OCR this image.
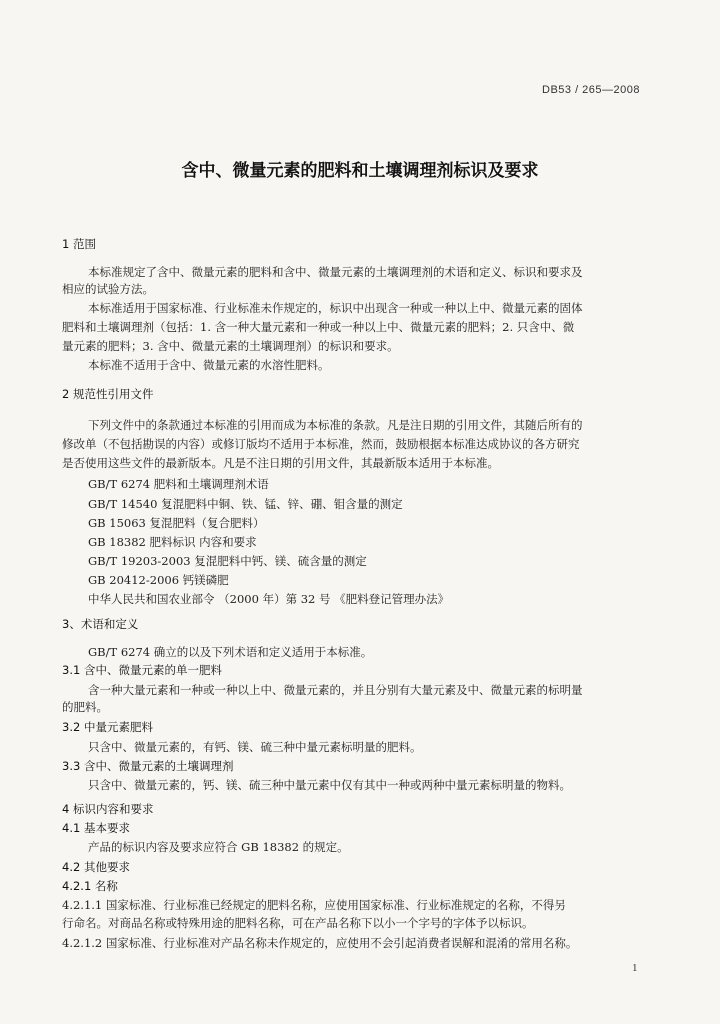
DB53 / 265—2008
含中、微量元素的肥料和土壤调理剂标识及要求
1 范围
本标准规定了含中、微量元素的肥料和含中、微量元素的土壤调理剂的术语和定义、标识和要求及
相应的试验方法。
本标准适用于国家标准、行业标准未作规定的，标识中出现含一种或一种以上中、微量元素的固体
肥料和土壤调理剂（包括：1. 含一种大量元素和一种或一种以上中、微量元素的肥料；2. 只含中、微
量元素的肥料；3. 含中、微量元素的土壤调理剂）的标识和要求。
本标准不适用于含中、微量元素的水溶性肥料。
2 规范性引用文件
下列文件中的条款通过本标准的引用而成为本标准的条款。凡是注日期的引用文件，其随后所有的
修改单（不包括勘误的内容）或修订版均不适用于本标准，然而，鼓励根据本标准达成协议的各方研究
是否使用这些文件的最新版本。凡是不注日期的引用文件，其最新版本适用于本标准。
GB/T 6274 肥料和土壤调理剂术语
GB/T 14540 复混肥料中铜、铁、锰、锌、硼、钼含量的测定
GB 15063 复混肥料（复合肥料）
GB 18382 肥料标识 内容和要求
GB/T 19203-2003 复混肥料中钙、镁、硫含量的测定
GB 20412-2006 钙镁磷肥
中华人民共和国农业部令 （2000 年）第 32 号 《肥料登记管理办法》
3、术语和定义
GB/T 6274 确立的以及下列术语和定义适用于本标准。
3.1 含中、微量元素的单一肥料
含一种大量元素和一种或一种以上中、微量元素的，并且分别有大量元素及中、微量元素的标明量
的肥料。
3.2 中量元素肥料
只含中、微量元素的，有钙、镁、硫三种中量元素标明量的肥料。
3.3 含中、微量元素的土壤调理剂
只含中、微量元素的，钙、镁、硫三种中量元素中仅有其中一种或两种中量元素标明量的物料。
4 标识内容和要求
4.1 基本要求
产品的标识内容及要求应符合 GB 18382 的规定。
4.2 其他要求
4.2.1 名称
4.2.1.1 国家标准、行业标准已经规定的肥料名称，应使用国家标准、行业标准规定的名称，不得另
行命名。对商品名称或特殊用途的肥料名称，可在产品名称下以小一个字号的字体予以标识。
4.2.1.2 国家标准、行业标准对产品名称未作规定的，应使用不会引起消费者误解和混淆的常用名称。
1
